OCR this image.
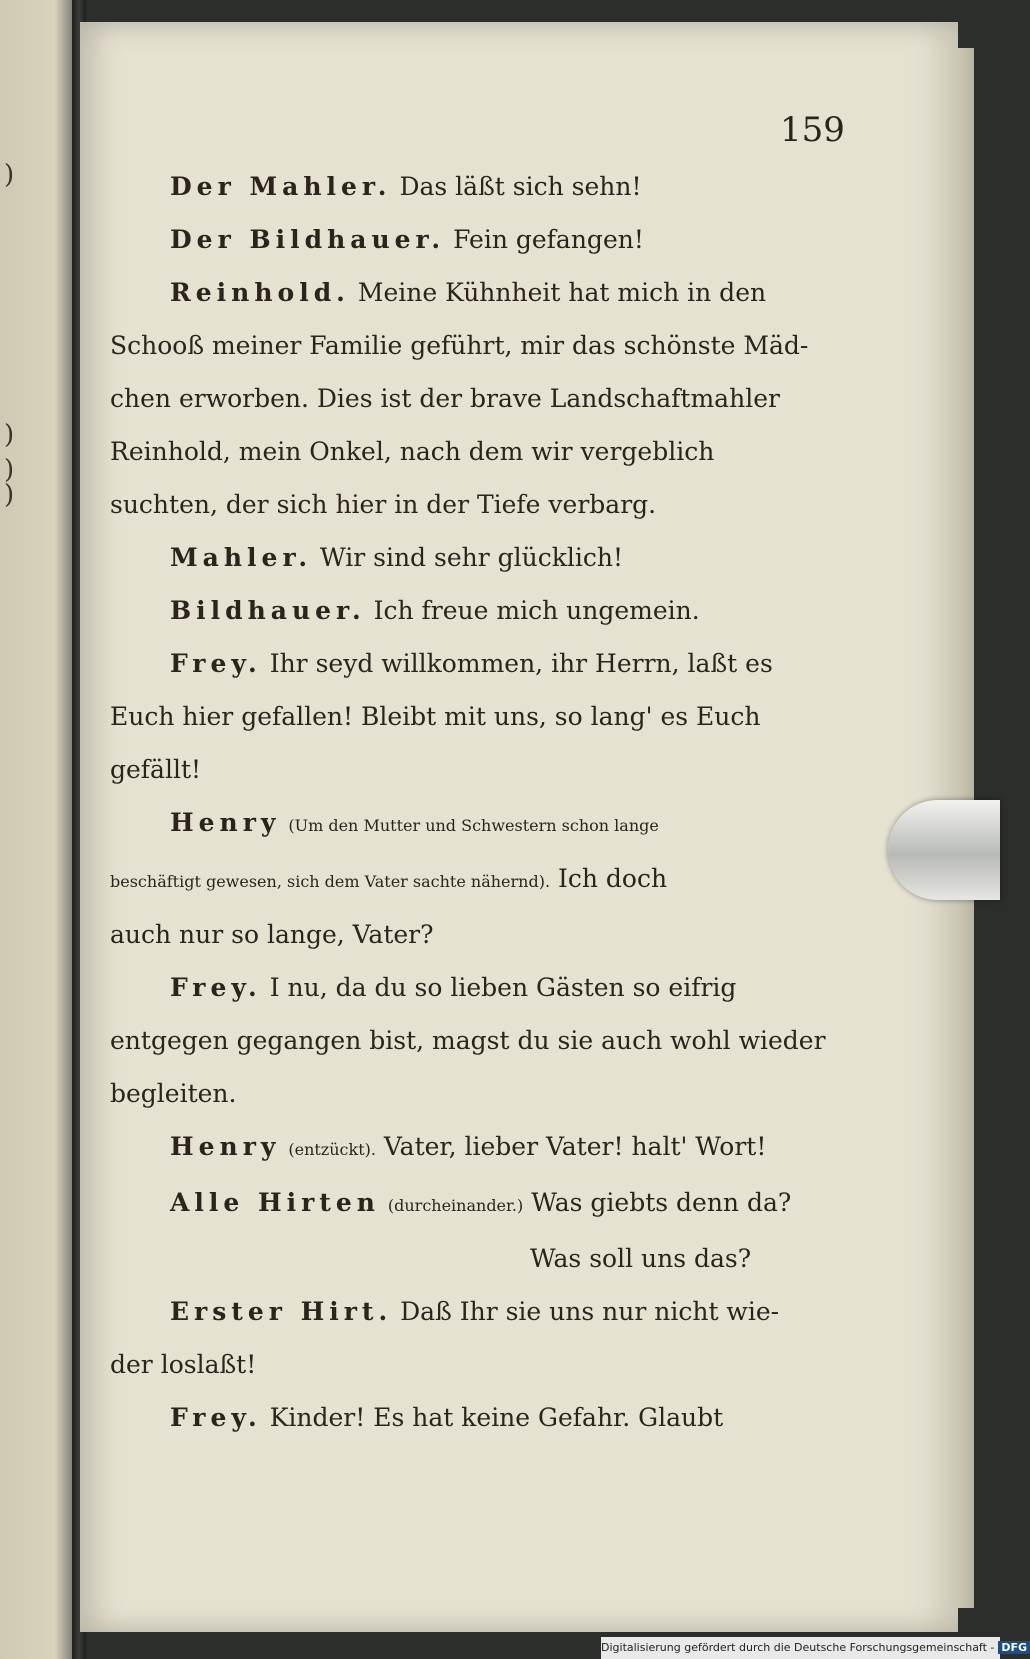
)
)
)
)
159
Der Mahler. Das läßt sich sehn!
Der Bildhauer. Fein gefangen!
Reinhold. Meine Kühnheit hat mich in den
Schooß meiner Familie geführt, mir das schönste Mäd-
chen erworben. Dies ist der brave Landschaftmahler
Reinhold, mein Onkel, nach dem wir vergeblich
suchten, der sich hier in der Tiefe verbarg.
Mahler. Wir sind sehr glücklich!
Bildhauer. Ich freue mich ungemein.
Frey. Ihr seyd willkommen, ihr Herrn, laßt es
Euch hier gefallen! Bleibt mit uns, so lang' es Euch
gefällt!
Henry (Um den Mutter und Schwestern schon lange
beschäftigt gewesen, sich dem Vater sachte nähernd). Ich doch
auch nur so lange, Vater?
Frey. I nu, da du so lieben Gästen so eifrig
entgegen gegangen bist, magst du sie auch wohl wieder
begleiten.
Henry (entzückt). Vater, lieber Vater! halt' Wort!
Alle Hirten (durcheinander.) Was giebts denn da?
Was soll uns das?
Erster Hirt. Daß Ihr sie uns nur nicht wie-
der loslaßt!
Frey. Kinder! Es hat keine Gefahr. Glaubt
Digitalisierung gefördert durch die Deutsche Forschungsgemeinschaft - DFG
